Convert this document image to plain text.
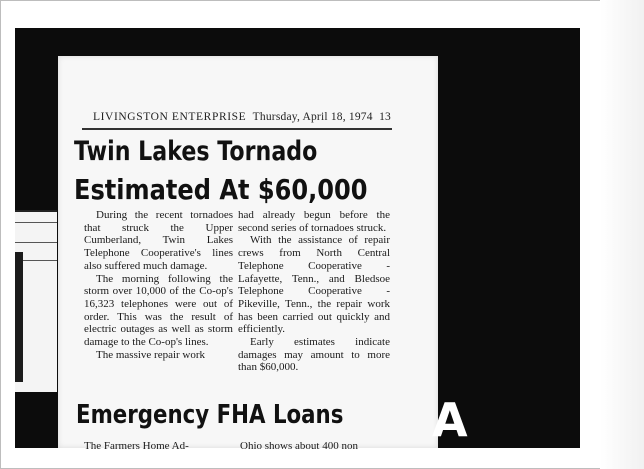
LIVINGSTON ENTERPRISE Thursday, April 18, 1974 13
Twin Lakes Tornado
Estimated At $60,000

During the recent tornadoes that struck the Upper Cumberland, Twin Lakes Telephone Cooperative's lines also suffered much damage.

The morning following the storm over 10,000 of the Co-op's 16,323 telephones were out of order. This was the result of electric outages as well as storm damage to the Co-op's lines.

The massive repair work

had already begun before the second series of tornadoes struck.

With the assistance of repair crews from North Central Telephone Cooperative - Lafayette, Tenn., and Bledsoe Telephone Cooperative - Pikeville, Tenn., the repair work has been carried out quickly and efficiently.

Early estimates indicate damages may amount to more than $60,000.

Emergency FHA Loans
The Farmers Home Ad-	Ohio shows about 400 non A
